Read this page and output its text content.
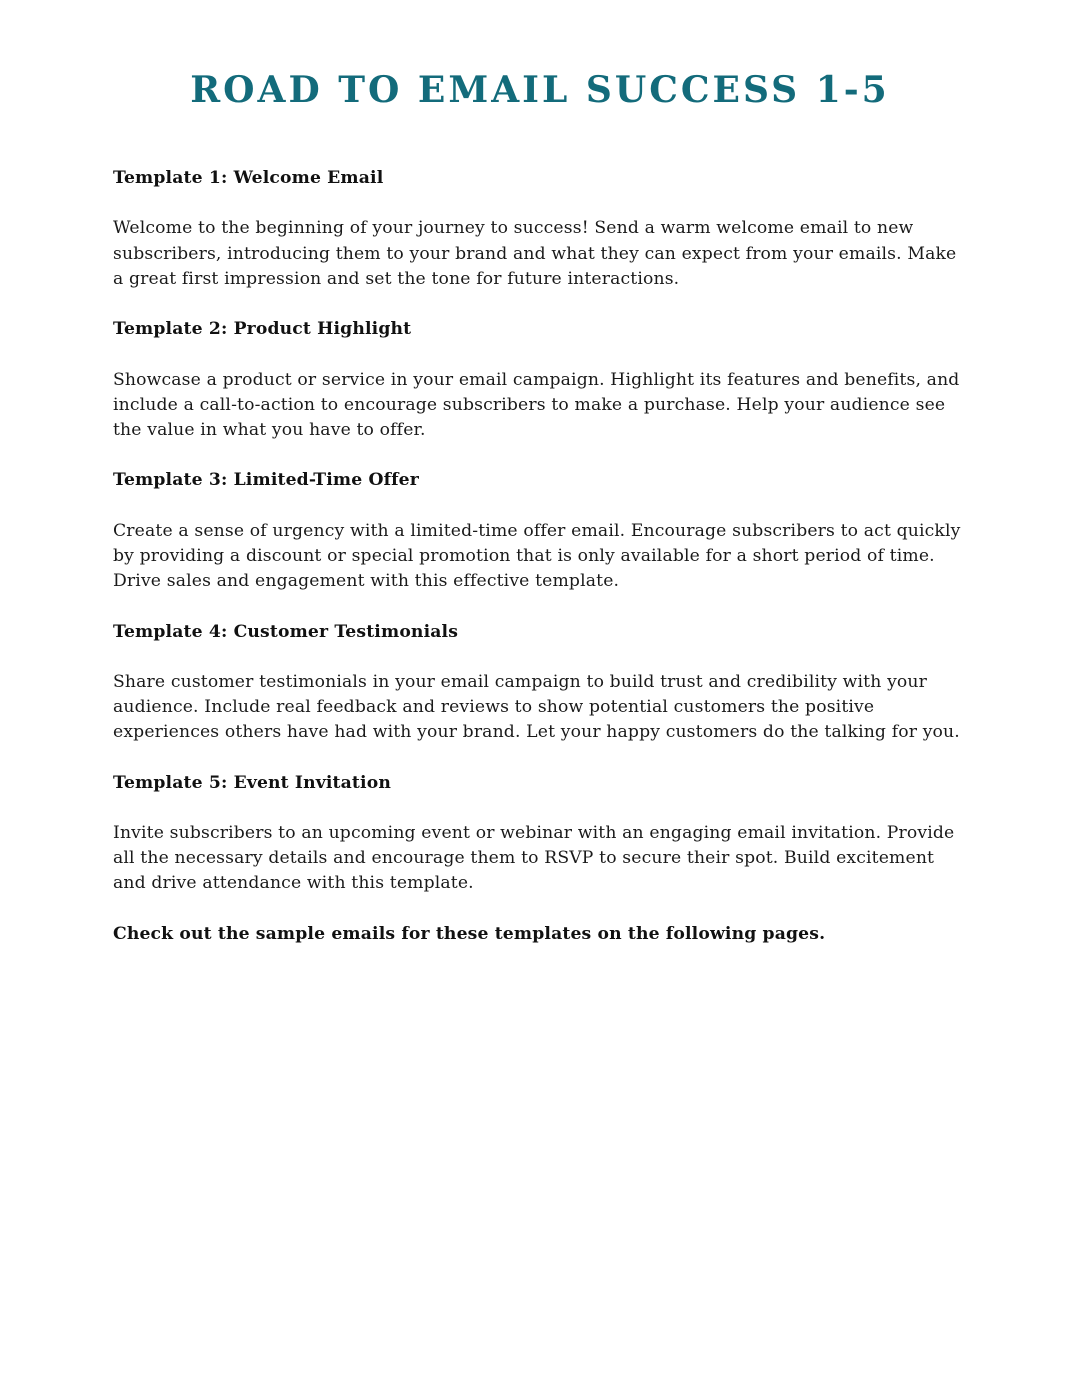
ROAD TO EMAIL SUCCESS 1-5

Template 1: Welcome Email

Welcome to the beginning of your journey to success! Send a warm welcome email to new subscribers, introducing them to your brand and what they can expect from your emails. Make a great first impression and set the tone for future interactions.

Template 2: Product Highlight

Showcase a product or service in your email campaign. Highlight its features and benefits, and include a call-to-action to encourage subscribers to make a purchase. Help your audience see the value in what you have to offer.

Template 3: Limited-Time Offer

Create a sense of urgency with a limited-time offer email. Encourage subscribers to act quickly by providing a discount or special promotion that is only available for a short period of time. Drive sales and engagement with this effective template.

Template 4: Customer Testimonials

Share customer testimonials in your email campaign to build trust and credibility with your audience. Include real feedback and reviews to show potential customers the positive experiences others have had with your brand. Let your happy customers do the talking for you.

Template 5: Event Invitation

Invite subscribers to an upcoming event or webinar with an engaging email invitation. Provide all the necessary details and encourage them to RSVP to secure their spot. Build excitement and drive attendance with this template.

Check out the sample emails for these templates on the following pages.
